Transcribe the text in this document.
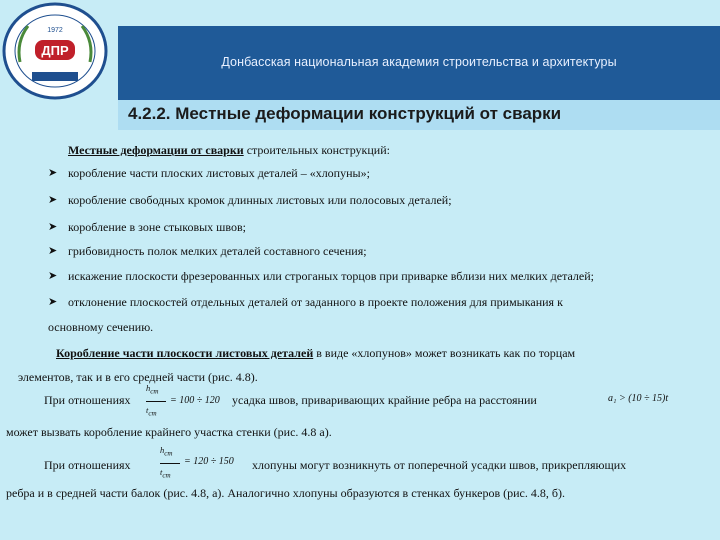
Донбасская национальная академия строительства и архитектуры
ДПР
1972
4.2.2. Местные деформации конструкций от сварки
Местные деформации от сварки строительных конструкций:
➤ коробление части плоских листовых деталей – «хлопуны»;
➤ коробление свободных кромок длинных листовых или полосовых деталей;
➤ коробление в зоне стыковых швов;
➤ грибовидность полок мелких деталей составного сечения;
➤ искажение плоскости фрезерованных или строганых торцов при приварке вблизи них мелких деталей;
➤ отклонение плоскостей отдельных деталей от заданного в проекте положения для примыкания к
основному сечению.
Коробление части плоскости листовых деталей в виде «хлопунов» может возникать как по торцам
элементов, так и в его средней части (рис. 4.8).
При отношениях
$h_{ст}$
$t_{ст}$
= 100 ÷ 120 усадка швов, приваривающих крайние ребра на расстоянии	a₁ > (10 ÷ 15)t
может вызвать коробление крайнего участка стенки (рис. 4.8 а).
При отношениях
$h_{ст}$
$t_{ст}$
= 120 ÷ 150 хлопуны могут возникнуть от поперечной усадки швов, прикрепляющих
ребра и в средней части балок (рис. 4.8, а). Аналогично хлопуны образуются в стенках бункеров (рис. 4.8, б).
